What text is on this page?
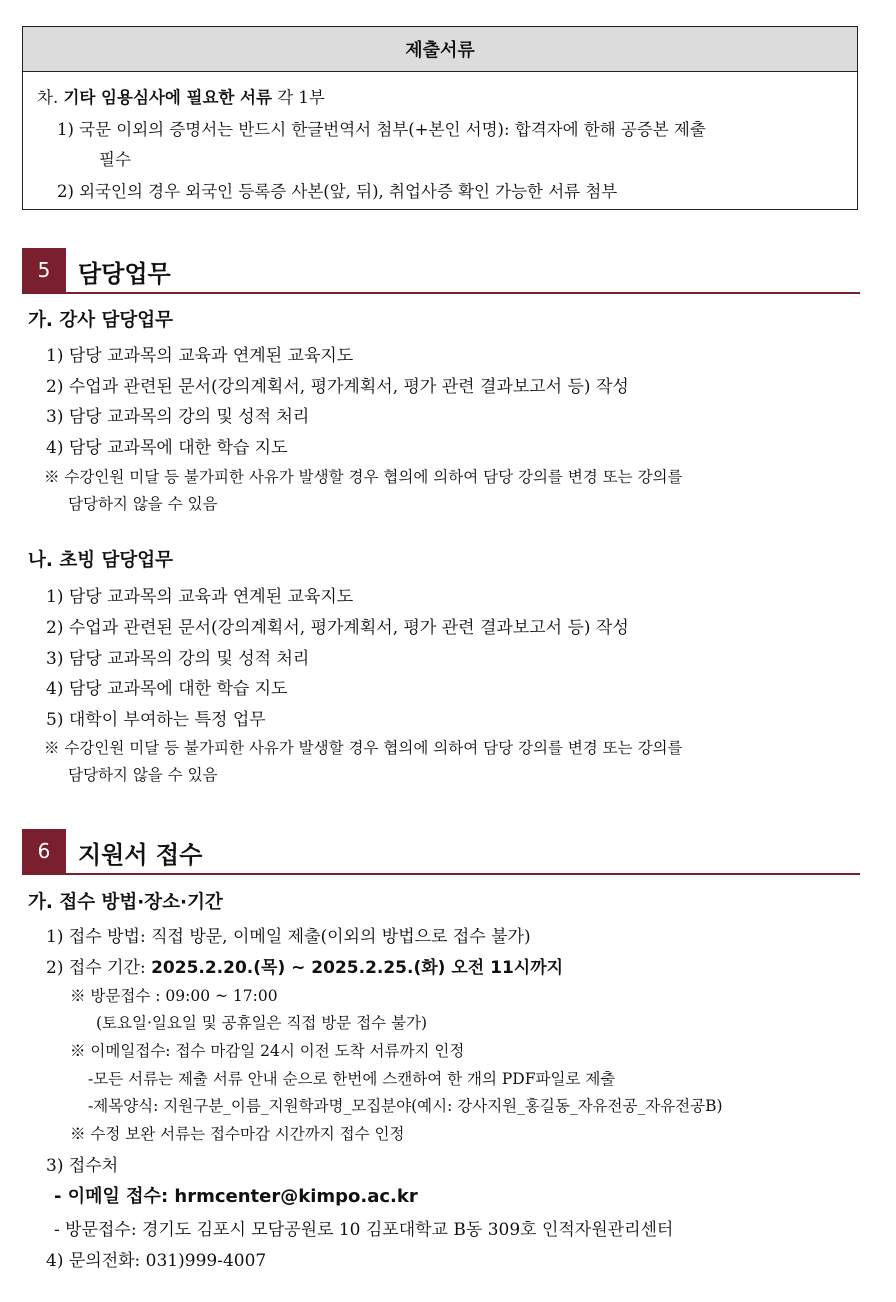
제출서류
차. 기타 임용심사에 필요한 서류 각 1부
1) 국문 이외의 증명서는 반드시 한글번역서 첨부(+본인 서명): 합격자에 한해 공증본 제출
필수
2) 외국인의 경우 외국인 등록증 사본(앞, 뒤), 취업사증 확인 가능한 서류 첨부
5	담당업무
가. 강사 담당업무
1) 담당 교과목의 교육과 연계된 교육지도
2) 수업과 관련된 문서(강의계획서, 평가계획서, 평가 관련 결과보고서 등) 작성
3) 담당 교과목의 강의 및 성적 처리
4) 담당 교과목에 대한 학습 지도
※ 수강인원 미달 등 불가피한 사유가 발생할 경우 협의에 의하여 담당 강의를 변경 또는 강의를
담당하지 않을 수 있음
나. 초빙 담당업무
1) 담당 교과목의 교육과 연계된 교육지도
2) 수업과 관련된 문서(강의계획서, 평가계획서, 평가 관련 결과보고서 등) 작성
3) 담당 교과목의 강의 및 성적 처리
4) 담당 교과목에 대한 학습 지도
5) 대학이 부여하는 특정 업무
※ 수강인원 미달 등 불가피한 사유가 발생할 경우 협의에 의하여 담당 강의를 변경 또는 강의를
담당하지 않을 수 있음
6	지원서 접수
가. 접수 방법·장소·기간
1) 접수 방법: 직접 방문, 이메일 제출(이외의 방법으로 접수 불가)
2) 접수 기간: 2025.2.20.(목) ~ 2025.2.25.(화) 오전 11시까지
※ 방문접수 : 09:00 ~ 17:00
(토요일·일요일 및 공휴일은 직접 방문 접수 불가)
※ 이메일접수: 접수 마감일 24시 이전 도착 서류까지 인정
-모든 서류는 제출 서류 안내 순으로 한번에 스캔하여 한 개의 PDF파일로 제출
-제목양식: 지원구분_이름_지원학과명_모집분야(예시: 강사지원_홍길동_자유전공_자유전공B)
※ 수정 보완 서류는 접수마감 시간까지 접수 인정
3) 접수처
- 이메일 접수: hrmcenter@kimpo.ac.kr
- 방문접수: 경기도 김포시 모담공원로 10 김포대학교 B동 309호 인적자원관리센터
4) 문의전화: 031)999-4007
